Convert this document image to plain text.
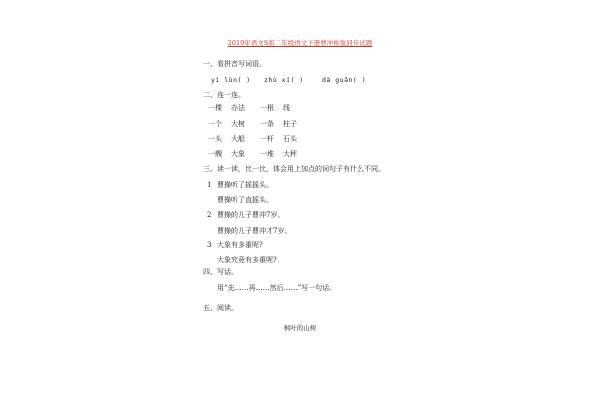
2019年语文S版二年级语文下册曹冲称象同步试题
一、看拼音写词语。
yì lùn( ) zhù xí( )	dà guān( )
二、连一连。
一棵 办法 一根 线
一个 大树 一条 柱子
一头 大船 一杆 石头
一艘 大象 一堆 大秤
三、读一读，比一比，体会用上加点的词句子有什么不同。
1 曹操听了摇摇头。
曹操听了直摇头。
2 曹操的儿子曹冲7岁。
曹操的儿子曹冲才7岁。
3 大象有多重呢?
大象究竟有多重呢?
四、写话。
用“先……再……然后……”写一句话。
五、阅读。
枫叶的山树
